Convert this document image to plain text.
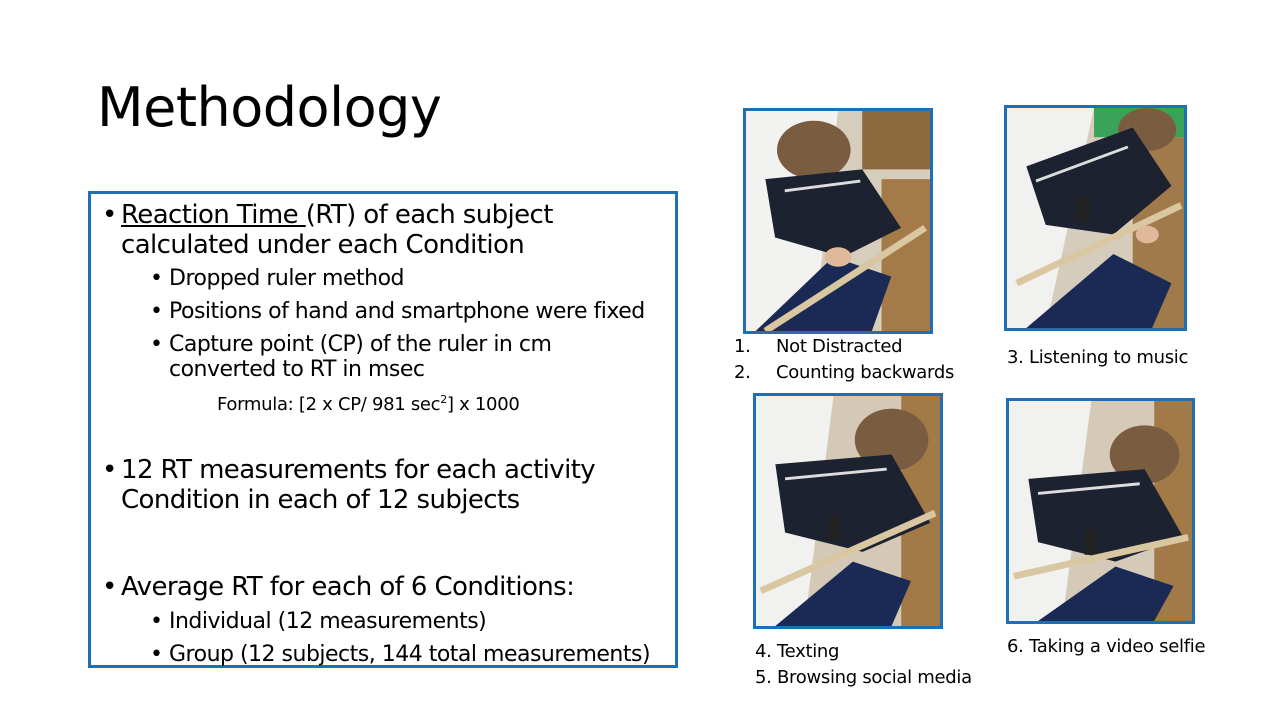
Methodology
• Reaction Time (RT) of each subject
calculated under each Condition
• Dropped ruler method
• Positions of hand and smartphone were fixed
• Capture point (CP) of the ruler in cm
converted to RT in msec
Formula: [2 x CP/ 981 $\sec^2$] x 1000
• 12 RT measurements for each activity
Condition in each of 12 subjects
• Average RT for each of 6 Conditions:
• Individual (12 measurements)
• Group (12 subjects, 144 total measurements)
1. Not Distracted
2. Counting backwards
3. Listening to music
4. Texting
5. Browsing social media
6. Taking a video selfie
